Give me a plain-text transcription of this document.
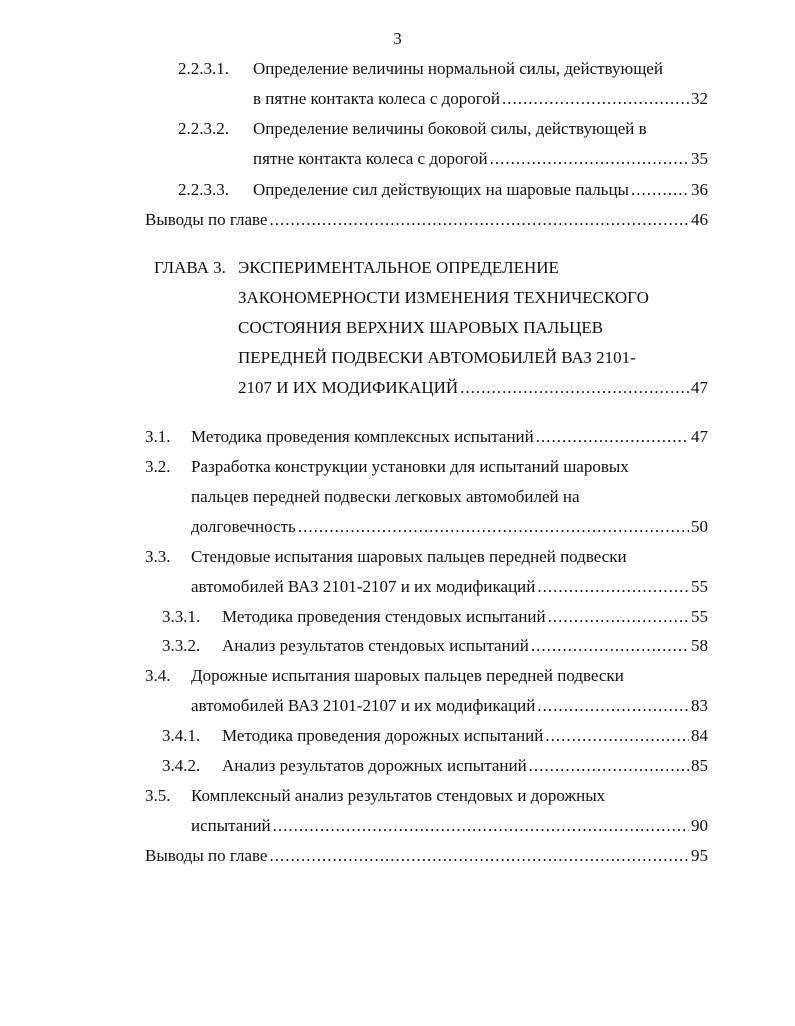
3
2.2.3.1. Определение величины нормальной силы, действующей
в пятне контакта колеса с дорогой .....	32
2.2.3.2. Определение величины боковой силы, действующей в
пятне контакта колеса с дорогой .....	35
2.2.3.3. Определение сил действующих на шаровые пальцы .....	36
Выводы по главе .....	46
ГЛАВА 3. ЭКСПЕРИМЕНТАЛЬНОЕ ОПРЕДЕЛЕНИЕ
ЗАКОНОМЕРНОСТИ ИЗМЕНЕНИЯ ТЕХНИЧЕСКОГО
СОСТОЯНИЯ ВЕРХНИХ ШАРОВЫХ ПАЛЬЦЕВ
ПЕРЕДНЕЙ ПОДВЕСКИ АВТОМОБИЛЕЙ ВАЗ 2101-
2107 И ИХ МОДИФИКАЦИЙ .....	47
3.1. Методика проведения комплексных испытаний .....	47
3.2. Разработка конструкции установки для испытаний шаровых
пальцев передней подвески легковых автомобилей на
долговечность .....	50
3.3. Стендовые испытания шаровых пальцев передней подвески
автомобилей ВАЗ 2101-2107 и их модификаций .....	55
3.3.1. Методика проведения стендовых испытаний .....	55
3.3.2. Анализ результатов стендовых испытаний .....	58
3.4. Дорожные испытания шаровых пальцев передней подвески
автомобилей ВАЗ 2101-2107 и их модификаций .....	83
3.4.1. Методика проведения дорожных испытаний .....	84
3.4.2. Анализ результатов дорожных испытаний .....	85
3.5. Комплексный анализ результатов стендовых и дорожных
испытаний .....	90
Выводы по главе .....	95
